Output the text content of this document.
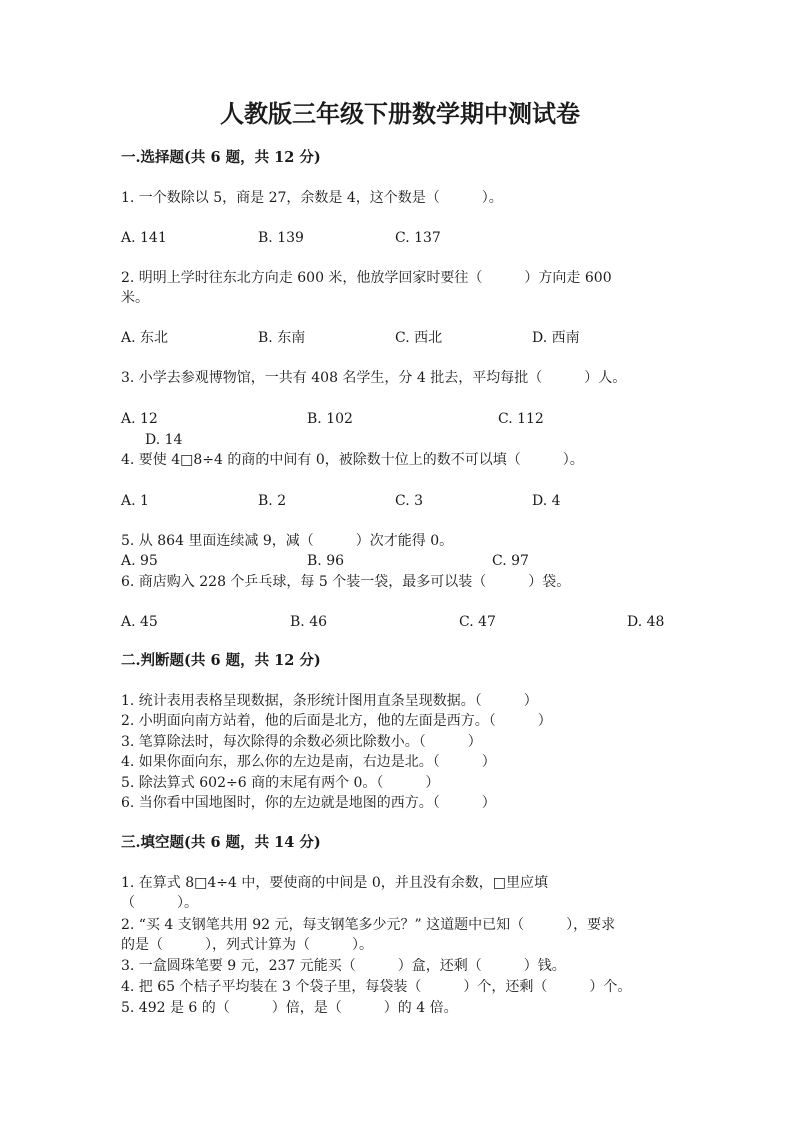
人教版三年级下册数学期中测试卷
一.选择题(共 6 题，共 12 分)
1. 一个数除以 5，商是 27，余数是 4，这个数是（　　　）。
A. 141	B. 139	C. 137
2. 明明上学时往东北方向走 600 米，他放学回家时要往（　　　）方向走 600
米。
A. 东北	B. 东南	C. 西北	D. 西南
3. 小学去参观博物馆，一共有 408 名学生，分 4 批去，平均每批（　　　）人。
A. 12	B. 102	C. 112
D. 14
4. 要使 4□8÷4 的商的中间有 0，被除数十位上的数不可以填（　　　）。
A. 1	B. 2	C. 3	D. 4
5. 从 864 里面连续减 9，减（　　　）次才能得 0。
A. 95	B. 96	C. 97
6. 商店购入 228 个乒乓球，每 5 个装一袋，最多可以装（　　　）袋。
A. 45	B. 46	C. 47	D. 48
二.判断题(共 6 题，共 12 分)
1. 统计表用表格呈现数据，条形统计图用直条呈现数据。（　　　）
2. 小明面向南方站着，他的后面是北方，他的左面是西方。（　　　）
3. 笔算除法时，每次除得的余数必须比除数小。（　　　）
4. 如果你面向东，那么你的左边是南，右边是北。（　　　）
5. 除法算式 602÷6 商的末尾有两个 0。（　　　）
6. 当你看中国地图时，你的左边就是地图的西方。（　　　）
三.填空题(共 6 题，共 14 分)
1. 在算式 8□4÷4 中，要使商的中间是 0，并且没有余数，□里应填
（　　　）。
2. “买 4 支钢笔共用 92 元，每支钢笔多少元？” 这道题中已知（　　　），要求
的是（　　　），列式计算为（　　　）。
3. 一盒圆珠笔要 9 元，237 元能买（　　　）盒，还剩（　　　）钱。
4. 把 65 个桔子平均装在 3 个袋子里，每袋装（　　　）个，还剩（　　　）个。
5. 492 是 6 的（　　　）倍，是（　　　）的 4 倍。
